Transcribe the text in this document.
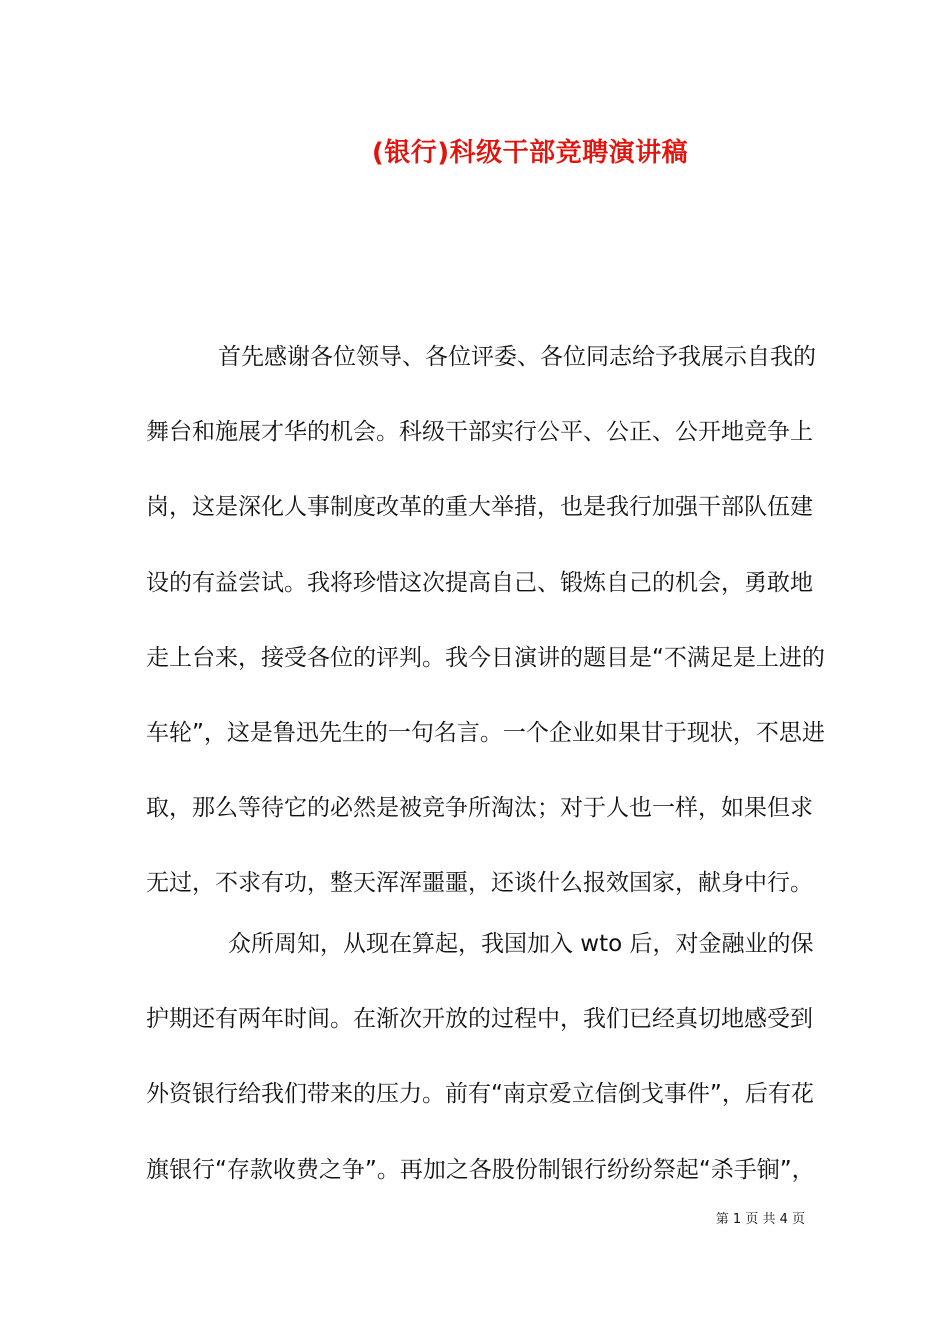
(银行)科级干部竞聘演讲稿
首先感谢各位领导、各位评委、各位同志给予我展示自我的
舞台和施展才华的机会。科级干部实行公平、公正、公开地竞争上
岗，这是深化人事制度改革的重大举措，也是我行加强干部队伍建
设的有益尝试。我将珍惜这次提高自己、锻炼自己的机会，勇敢地
走上台来，接受各位的评判。我今日演讲的题目是“不满足是上进的
车轮”，这是鲁迅先生的一句名言。一个企业如果甘于现状，不思进
取，那么等待它的必然是被竞争所淘汰；对于人也一样，如果但求
无过，不求有功，整天浑浑噩噩，还谈什么报效国家，献身中行。
众所周知，从现在算起，我国加入 wto 后，对金融业的保
护期还有两年时间。在渐次开放的过程中，我们已经真切地感受到
外资银行给我们带来的压力。前有“南京爱立信倒戈事件”，后有花
旗银行“存款收费之争”。再加之各股份制银行纷纷祭起“杀手锏”，
第 1 页 共 4 页
